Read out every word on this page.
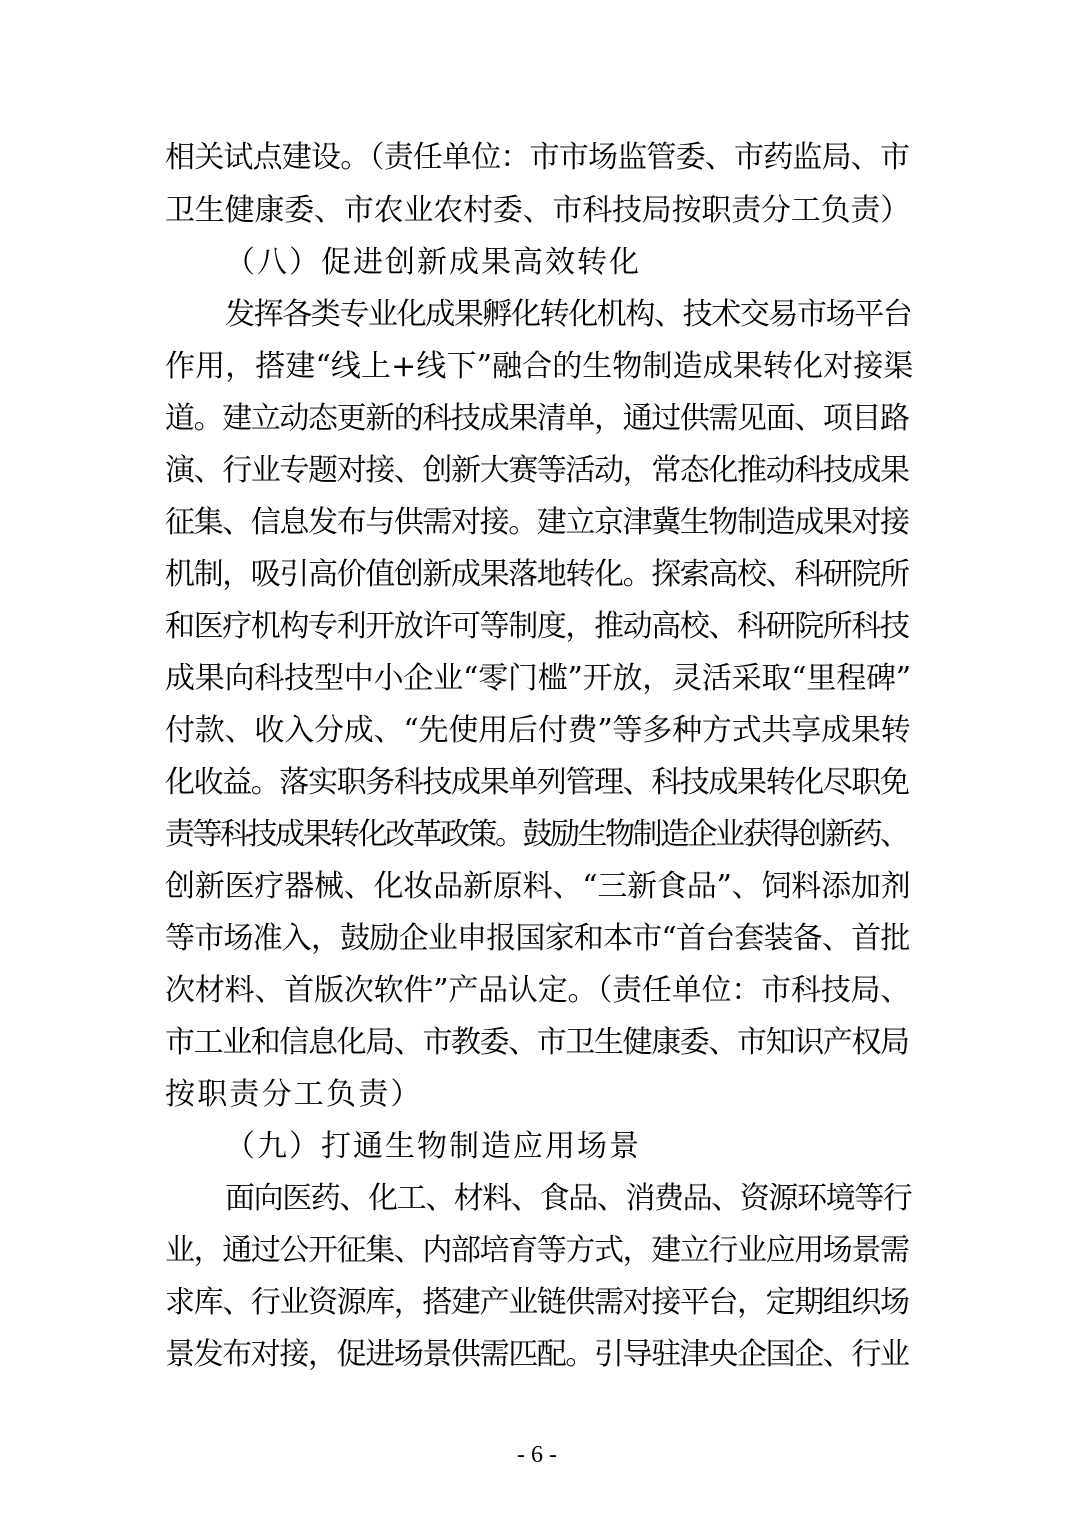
相关试点建设。（责任单位：市市场监管委、市药监局、市
卫生健康委、市农业农村委、市科技局按职责分工负责）
（八）促进创新成果高效转化
发挥各类专业化成果孵化转化机构、技术交易市场平台
作用，搭建“线上+线下”融合的生物制造成果转化对接渠
道。建立动态更新的科技成果清单，通过供需见面、项目路
演、行业专题对接、创新大赛等活动，常态化推动科技成果
征集、信息发布与供需对接。建立京津冀生物制造成果对接
机制，吸引高价值创新成果落地转化。探索高校、科研院所
和医疗机构专利开放许可等制度，推动高校、科研院所科技
成果向科技型中小企业“零门槛”开放，灵活采取“里程碑”
付款、收入分成、“先使用后付费”等多种方式共享成果转
化收益。落实职务科技成果单列管理、科技成果转化尽职免
责等科技成果转化改革政策。鼓励生物制造企业获得创新药、
创新医疗器械、化妆品新原料、“三新食品”、饲料添加剂
等市场准入，鼓励企业申报国家和本市“首台套装备、首批
次材料、首版次软件”产品认定。（责任单位：市科技局、
市工业和信息化局、市教委、市卫生健康委、市知识产权局
按职责分工负责）
（九）打通生物制造应用场景
面向医药、化工、材料、食品、消费品、资源环境等行
业，通过公开征集、内部培育等方式，建立行业应用场景需
求库、行业资源库，搭建产业链供需对接平台，定期组织场
景发布对接，促进场景供需匹配。引导驻津央企国企、行业
- 6 -
